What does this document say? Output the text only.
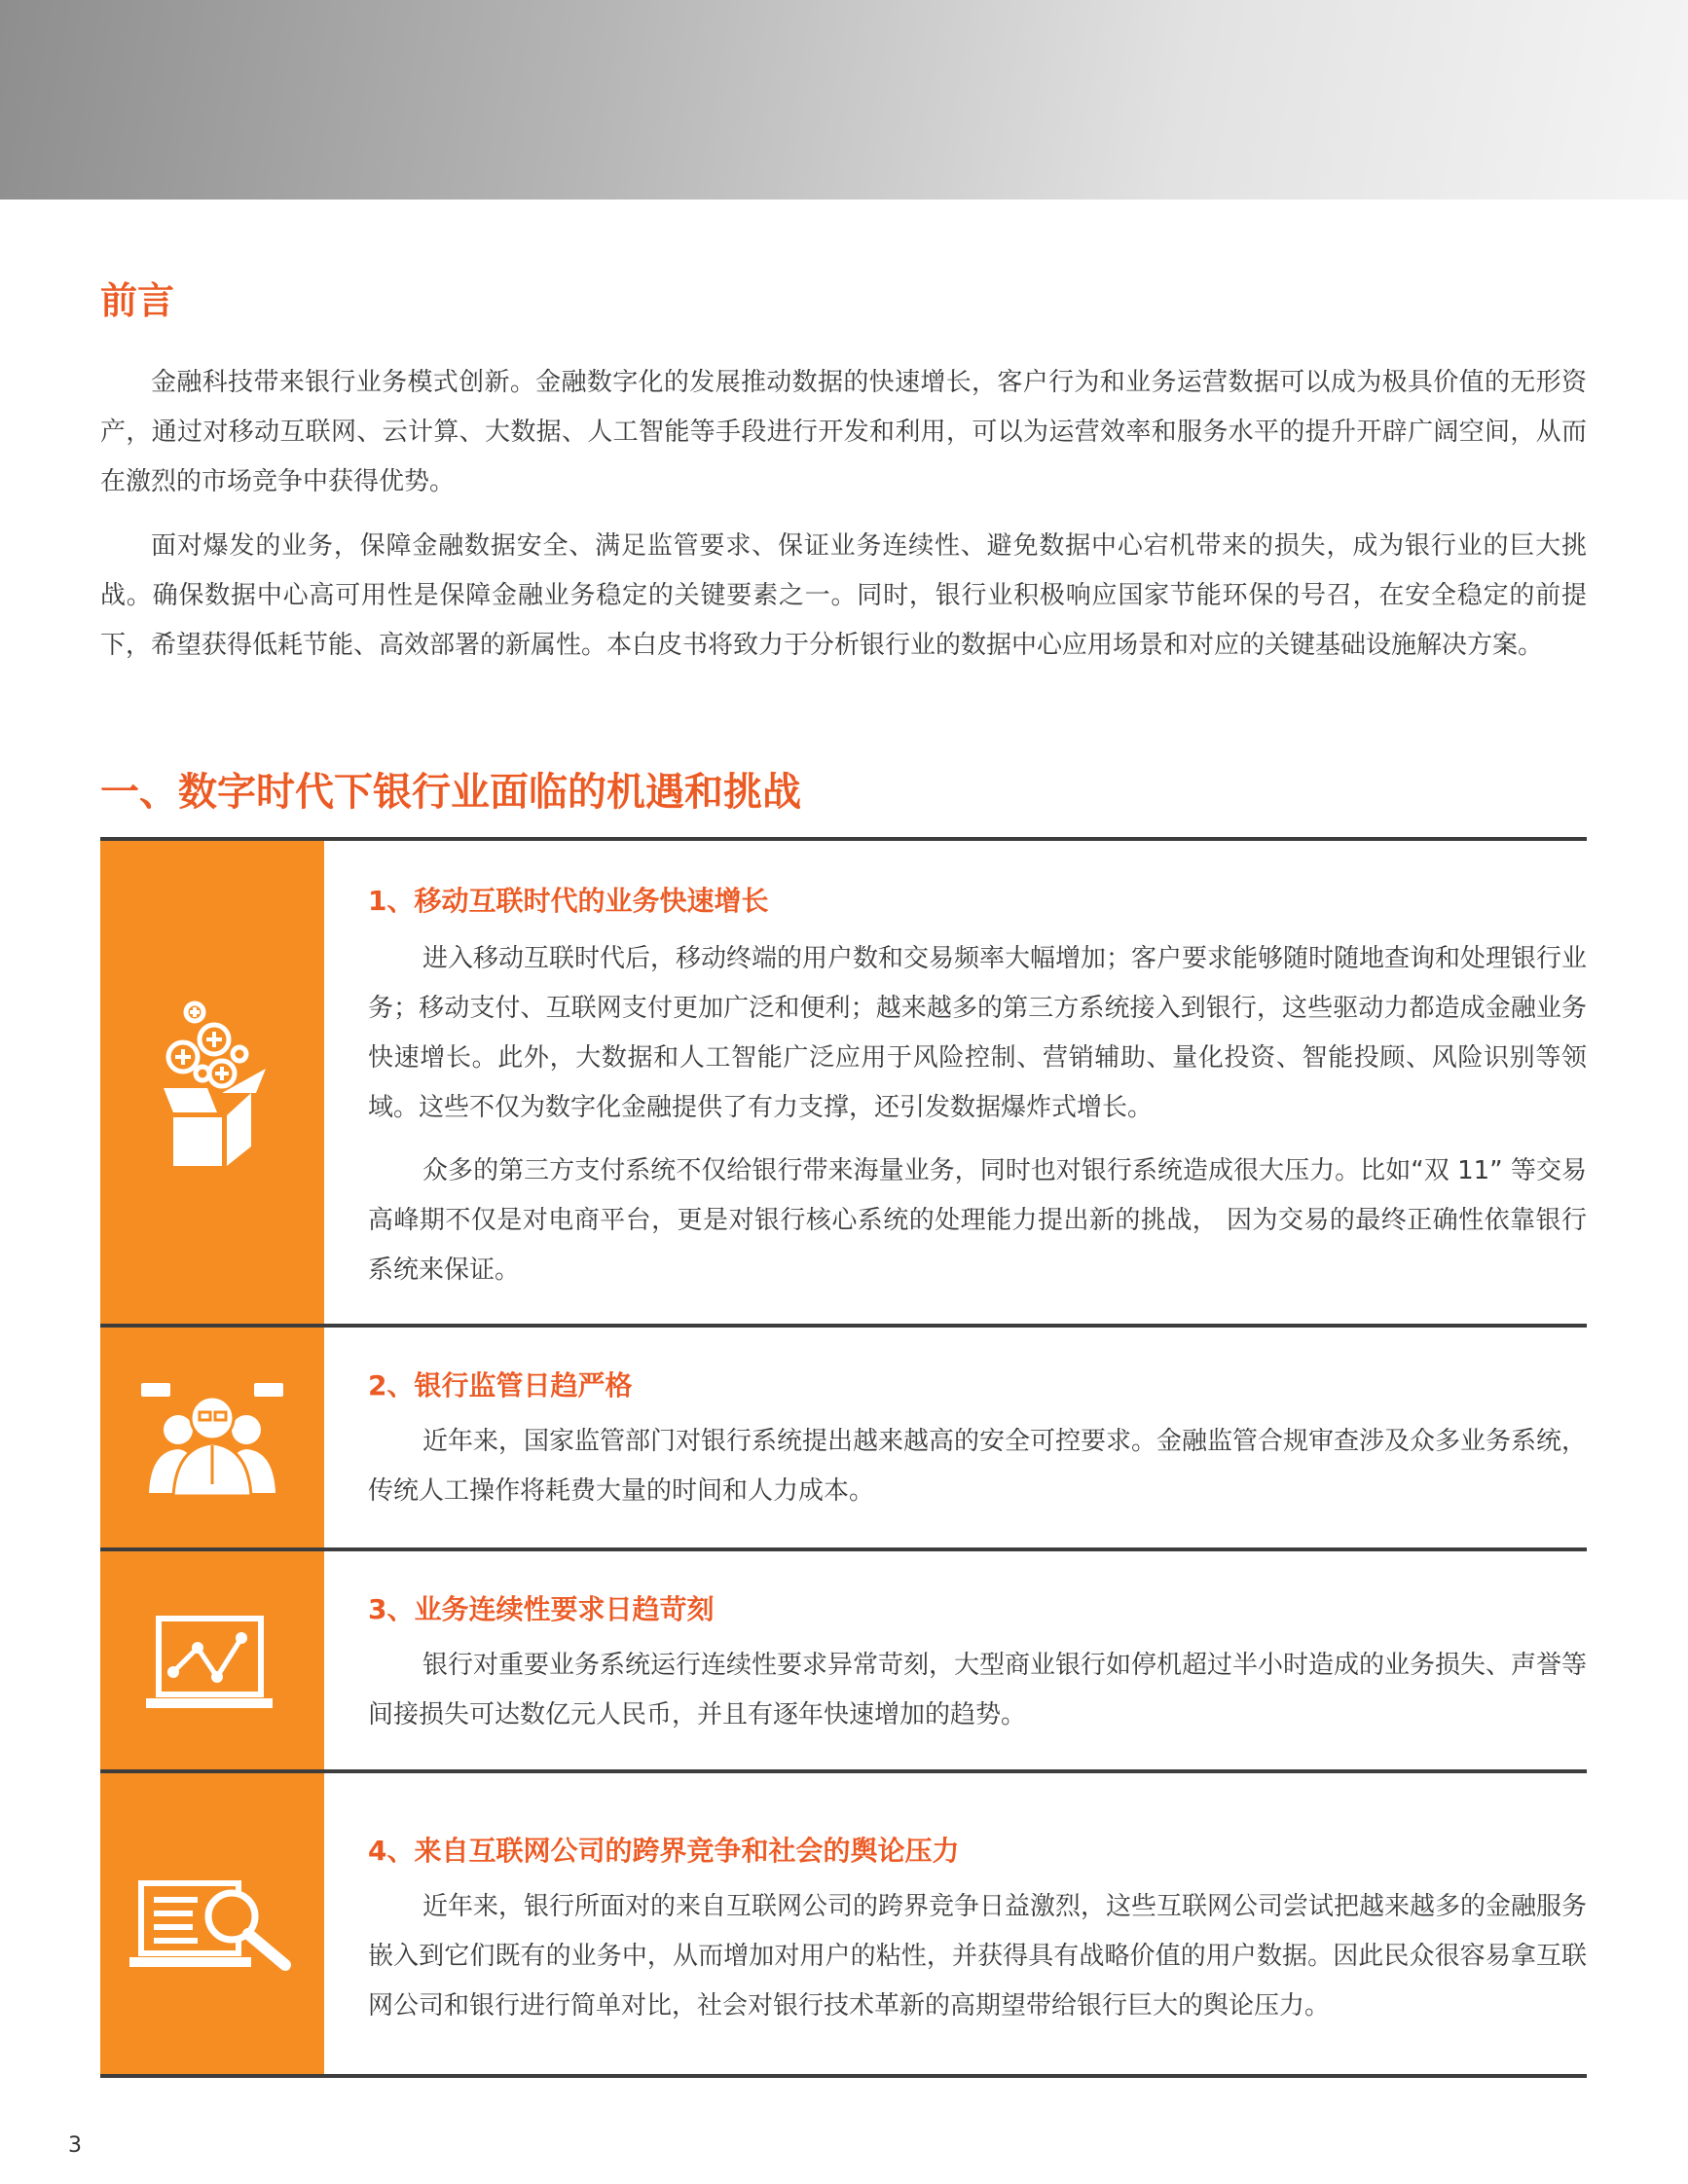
前言

金融科技带来银行业务模式创新。金融数字化的发展推动数据的快速增长，客户行为和业务运营数据可以成为极具价值的无形资产，通过对移动互联网、云计算、大数据、人工智能等手段进行开发和利用，可以为运营效率和服务水平的提升开辟广阔空间，从而在激烈的市场竞争中获得优势。

面对爆发的业务，保障金融数据安全、满足监管要求、保证业务连续性、避免数据中心宕机带来的损失，成为银行业的巨大挑战。确保数据中心高可用性是保障金融业务稳定的关键要素之一。同时，银行业积极响应国家节能环保的号召，在安全稳定的前提下，希望获得低耗节能、高效部署的新属性。本白皮书将致力于分析银行业的数据中心应用场景和对应的关键基础设施解决方案。

一、数字时代下银行业面临的机遇和挑战
1、移动互联时代的业务快速增长

进入移动互联时代后，移动终端的用户数和交易频率大幅增加；客户要求能够随时随地查询和处理银行业务；移动支付、互联网支付更加广泛和便利；越来越多的第三方系统接入到银行，这些驱动力都造成金融业务快速增长。此外，大数据和人工智能广泛应用于风险控制、营销辅助、量化投资、智能投顾、风险识别等领域。这些不仅为数字化金融提供了有力支撑，还引发数据爆炸式增长。

众多的第三方支付系统不仅给银行带来海量业务，同时也对银行系统造成很大压力。比如“双 11” 等交易高峰期不仅是对电商平台，更是对银行核心系统的处理能力提出新的挑战， 因为交易的最终正确性依靠银行系统来保证。

2、银行监管日趋严格

近年来，国家监管部门对银行系统提出越来越高的安全可控要求。金融监管合规审查涉及众多业务系统，传统人工操作将耗费大量的时间和人力成本。

3、业务连续性要求日趋苛刻

银行对重要业务系统运行连续性要求异常苛刻，大型商业银行如停机超过半小时造成的业务损失、声誉等间接损失可达数亿元人民币，并且有逐年快速增加的趋势。

4、来自互联网公司的跨界竞争和社会的舆论压力

近年来，银行所面对的来自互联网公司的跨界竞争日益激烈，这些互联网公司尝试把越来越多的金融服务嵌入到它们既有的业务中，从而增加对用户的粘性，并获得具有战略价值的用户数据。因此民众很容易拿互联网公司和银行进行简单对比，社会对银行技术革新的高期望带给银行巨大的舆论压力。

3
